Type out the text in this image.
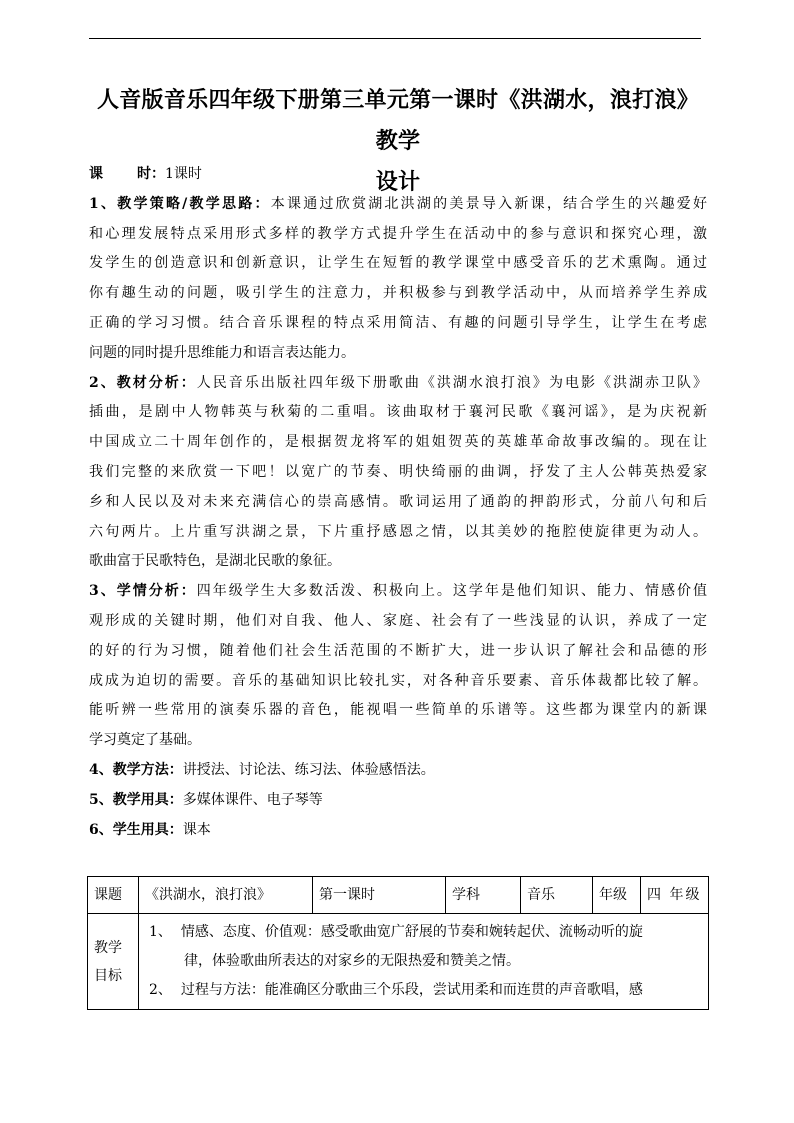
人音版音乐四年级下册第三单元第一课时《洪湖水，浪打浪》教学
设计
课 时：1课时
1、教学策略/教学思路：本课通过欣赏湖北洪湖的美景导入新课，结合学生的兴趣爱好
和心理发展特点采用形式多样的教学方式提升学生在活动中的参与意识和探究心理，激
发学生的创造意识和创新意识，让学生在短暂的教学课堂中感受音乐的艺术熏陶。通过
你有趣生动的问题，吸引学生的注意力，并积极参与到教学活动中，从而培养学生养成
正确的学习习惯。结合音乐课程的特点采用简洁、有趣的问题引导学生，让学生在考虑
问题的同时提升思维能力和语言表达能力。
2、教材分析：人民音乐出版社四年级下册歌曲《洪湖水浪打浪》为电影《洪湖赤卫队》
插曲，是剧中人物韩英与秋菊的二重唱。该曲取材于襄河民歌《襄河谣》，是为庆祝新
中国成立二十周年创作的，是根据贺龙将军的姐姐贺英的英雄革命故事改编的。现在让
我们完整的来欣赏一下吧！以宽广的节奏、明快绮丽的曲调，抒发了主人公韩英热爱家
乡和人民以及对未来充满信心的崇高感情。歌词运用了通韵的押韵形式，分前八句和后
六句两片。上片重写洪湖之景，下片重抒感恩之情，以其美妙的拖腔使旋律更为动人。
歌曲富于民歌特色，是湖北民歌的象征。
3、学情分析：四年级学生大多数活泼、积极向上。这学年是他们知识、能力、情感价值
观形成的关键时期，他们对自我、他人、家庭、社会有了一些浅显的认识，养成了一定
的好的行为习惯，随着他们社会生活范围的不断扩大，进一步认识了解社会和品德的形
成成为迫切的需要。音乐的基础知识比较扎实，对各种音乐要素、音乐体裁都比较了解。
能听辨一些常用的演奏乐器的音色，能视唱一些简单的乐谱等。这些都为课堂内的新课
学习奠定了基础。
4、教学方法：讲授法、讨论法、练习法、体验感悟法。
5、教学用具：多媒体课件、电子琴等
6、学生用具：课本
课题	《洪湖水，浪打浪》	第一课时	学科	音乐	年级	四 年级
教学目标	1、 情感、态度、价值观：感受歌曲宽广舒展的节奏和婉转起伏、流畅动听的旋
律，体验歌曲所表达的对家乡的无限热爱和赞美之情。
2、 过程与方法：能准确区分歌曲三个乐段，尝试用柔和而连贯的声音歌唱，感					
